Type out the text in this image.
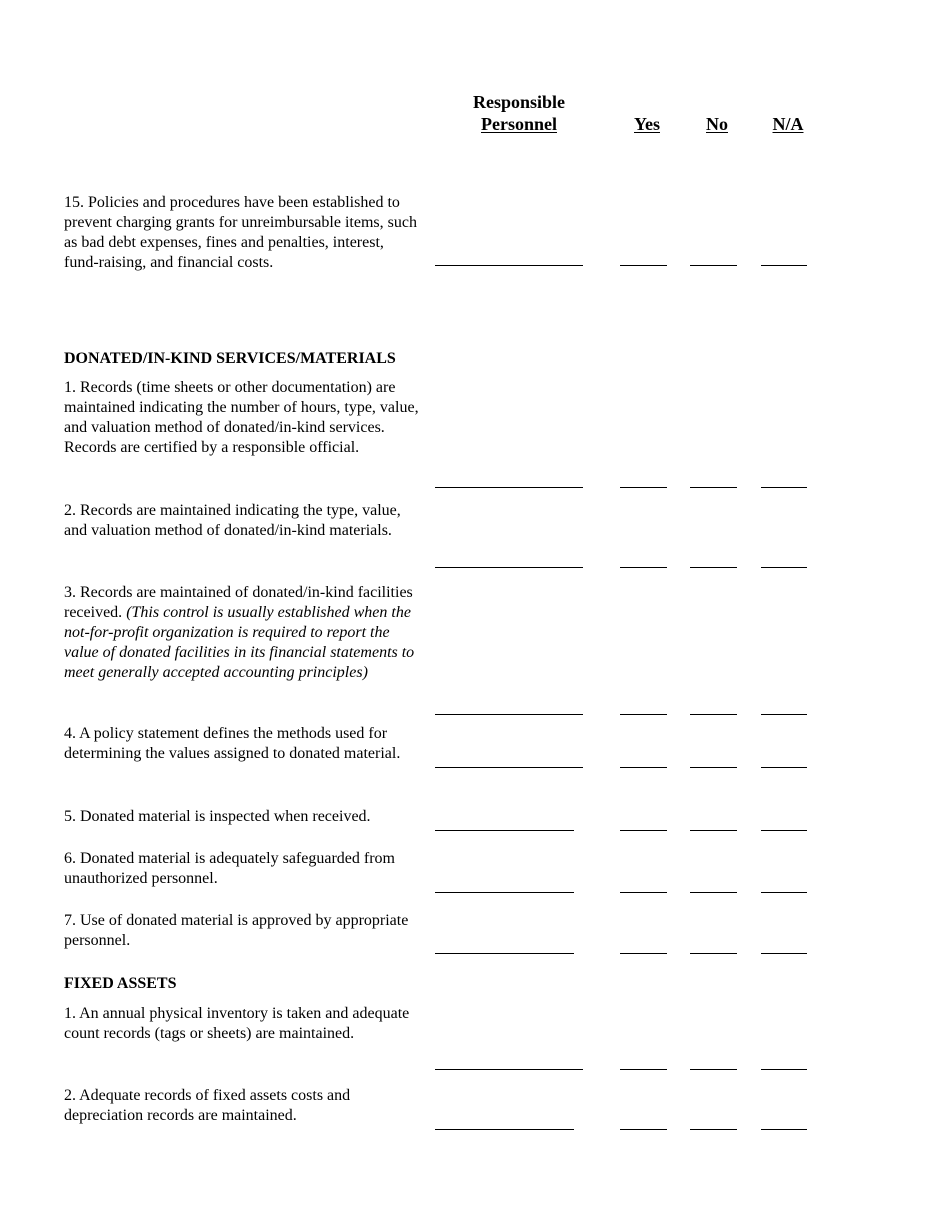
Responsible
Personnel	Yes	No	N/A
15. Policies and procedures have been established to prevent charging grants for unreimbursable items, such as bad debt expenses, fines and penalties, interest, fund-raising, and financial costs.
DONATED/IN-KIND SERVICES/MATERIALS
1. Records (time sheets or other documentation) are maintained indicating the number of hours, type, value, and valuation method of donated/in-kind services. Records are certified by a responsible official.
2. Records are maintained indicating the type, value, and valuation method of donated/in-kind materials.
3. Records are maintained of donated/in-kind facilities received. (This control is usually established when the not-for-profit organization is required to report the value of donated facilities in its financial statements to meet generally accepted accounting principles)
4. A policy statement defines the methods used for determining the values assigned to donated material.
5. Donated material is inspected when received.
6. Donated material is adequately safeguarded from unauthorized personnel.
7. Use of donated material is approved by appropriate personnel.
FIXED ASSETS
1. An annual physical inventory is taken and adequate count records (tags or sheets) are maintained.
2. Adequate records of fixed assets costs and depreciation records are maintained.
